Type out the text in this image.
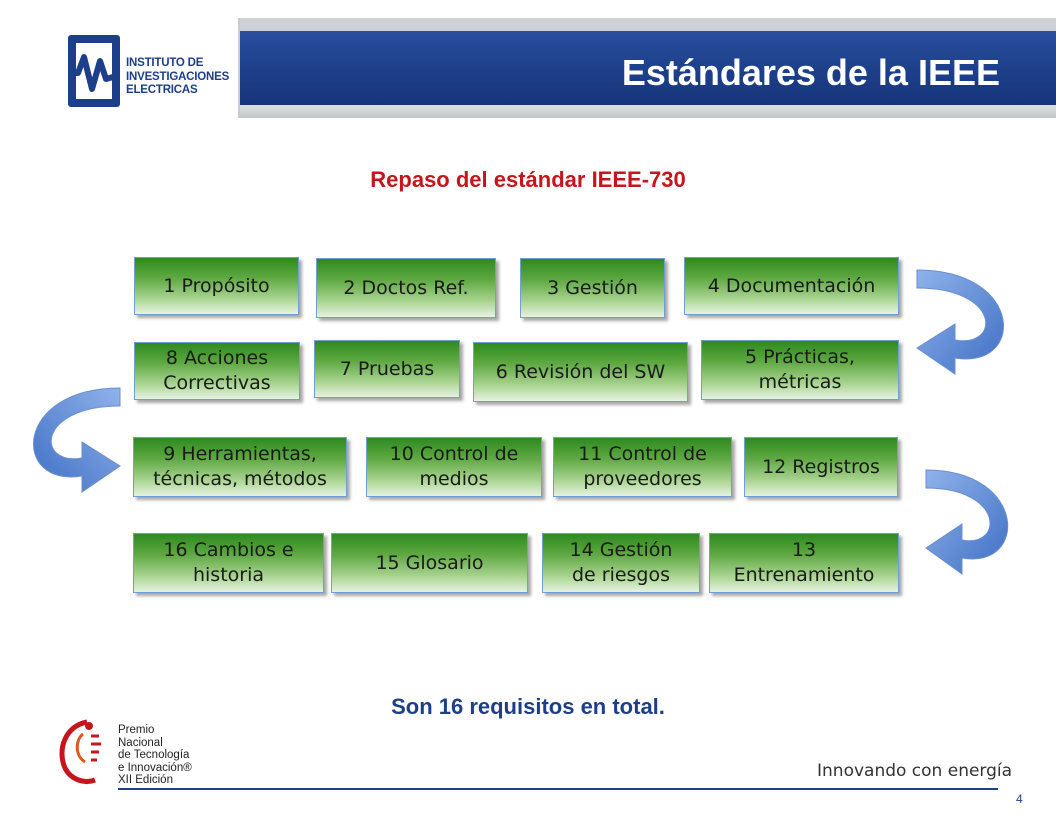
INSTITUTO DE
INVESTIGACIONES
ELECTRICAS	Estándares de la IEEE
Repaso del estándar IEEE-730
1 Propósito	2 Doctos Ref.	3 Gestión	4 Documentación
5 Prácticas,
métricas
6 Revisión del SW
7 Pruebas
8 Acciones
Correctivas
9 Herramientas,
técnicas, métodos
10 Control de
medios
11 Control de
proveedores
12 Registros
13
Entrenamiento
14 Gestión
de riesgos
15 Glosario
16 Cambios e
historia
Son 16 requisitos en total.
Premio
Nacional
de Tecnología
e Innovación®
XII Edición	Innovando con energía
4
